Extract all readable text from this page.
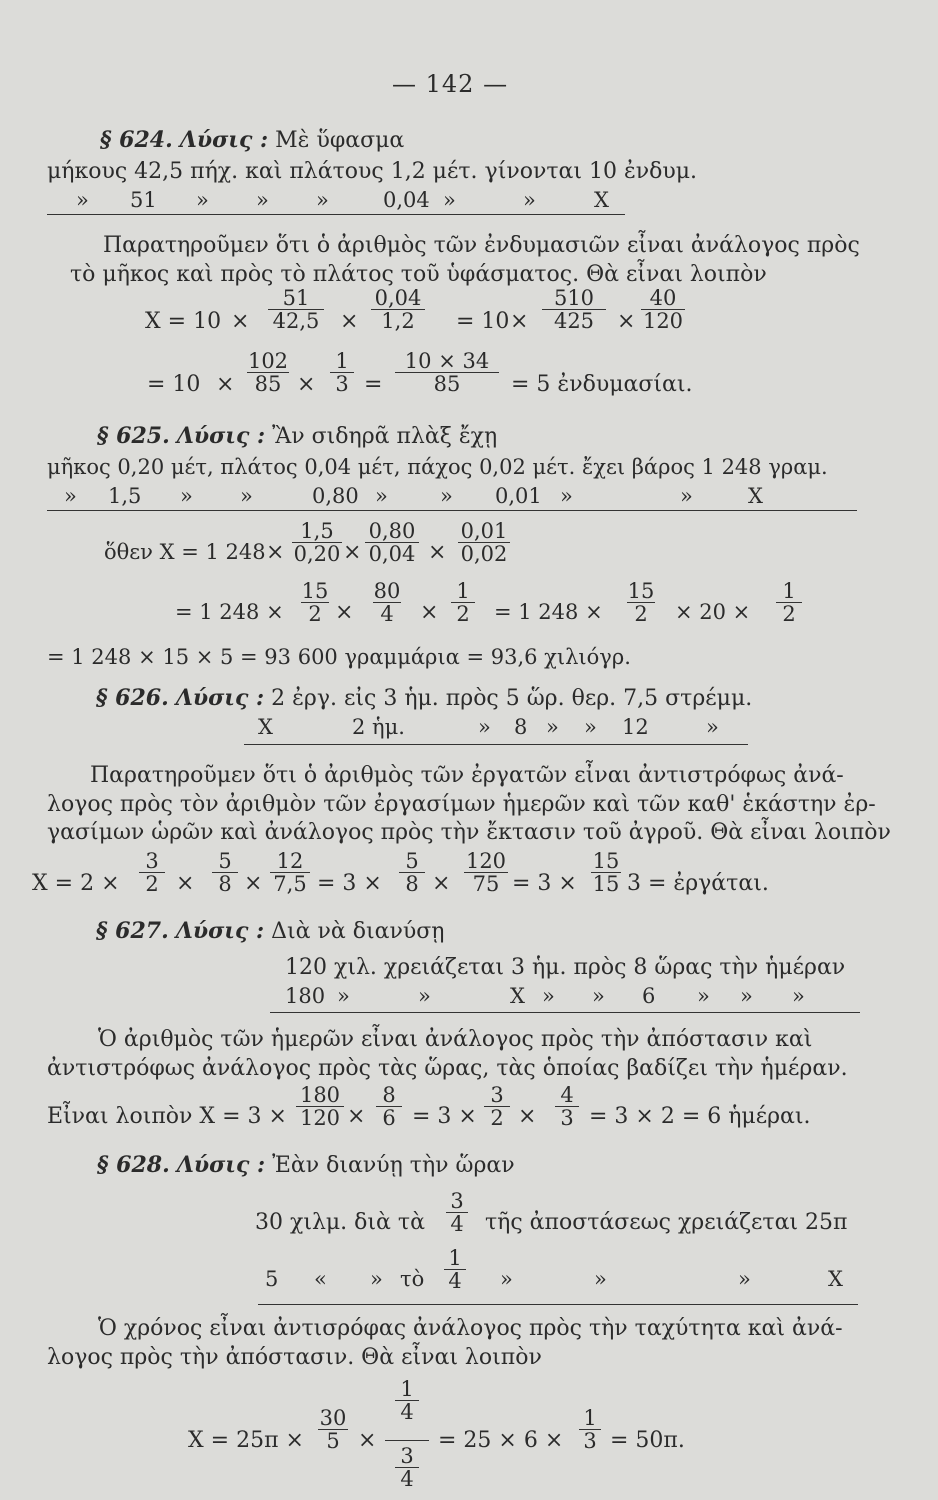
— 142 —
§ 624. Λύσις : Μὲ ὕφασμα
μήκους 42,5 πήχ. καὶ πλάτους 1,2 μέτ. γίνονται 10 ἐνδυμ.
» 51 » » »	0,04 »	»	X
Παρατηροῦμεν ὅτι ὁ ἀριθμὸς τῶν ἐνδυμασιῶν εἶναι ἀνάλογος πρὸς
τὸ μῆκος καὶ πρὸς τὸ πλάτος τοῦ ὑφάσματος. Θὰ εἶναι λοιπὸν
X = 10 ×
51
42,5 ×
0,04
1,2	= 10 ×
510
425	×
40
120
= 10 ×
102
85 ×
1
3 =
10 × 34
85	= 5 ἐνδυμασίαι.
§ 625. Λύσις : Ἂν σιδηρᾶ πλὰξ ἔχῃ
μῆκος 0,20 μέτ, πλάτος 0,04 μέτ, πάχος 0,02 μέτ. ἔχει βάρος 1 248 γραμ.
» 1,5 » »	0,80 » » 0,01 »	»	X
ὅθεν X = 1 248 ×
1,5
0,20 ×
0,80
0,04 ×
0,01
0,02
= 1 248 ×
15
2 ×
80
4	×
1
2	= 1 248 ×
15
2	× 20 ×
1
2
= 1 248 × 15 × 5 = 93 600 γραμμάρια = 93,6 χιλιόγρ.
§ 626. Λύσις : 2 ἐργ. εἰς 3 ἡμ. πρὸς 5 ὥρ. θερ. 7,5 στρέμμ.
X	2 ἡμ.	» 8 » » 12	»
Παρατηροῦμεν ὅτι ὁ ἀριθμὸς τῶν ἐργατῶν εἶναι ἀντιστρόφως ἀνά-
λογος πρὸς τὸν ἀριθμὸν τῶν ἐργασίμων ἡμερῶν καὶ τῶν καθ' ἑκάστην ἐρ-
γασίμων ὡρῶν καὶ ἀνάλογος πρὸς τὴν ἔκτασιν τοῦ ἀγροῦ. Θὰ εἶναι λοιπὸν
X = 2 ×
3
2 ×
5
8 ×
12
7,5 = 3 ×
5
8 ×
120
75 = 3 ×
15
15 3 = ἐργάται.
§ 627. Λύσις : Διὰ νὰ διανύσῃ
120 χιλ. χρειάζεται 3 ἡμ. πρὸς 8 ὥρας τὴν ἡμέραν
180 »	»	X » » 6 » » »
Ὁ ἀριθμὸς τῶν ἡμερῶν εἶναι ἀνάλογος πρὸς τὴν ἀπόστασιν καὶ
ἀντιστρόφως ἀνάλογος πρὸς τὰς ὥρας, τὰς ὁποίας βαδίζει τὴν ἡμέραν.
Εἶναι λοιπὸν X = 3 ×
180
120 ×
8
6 = 3 ×
3
2 ×
4
3 = 3 × 2 = 6 ἡμέραι.
§ 628. Λύσις : Ἐὰν διανύῃ τὴν ὥραν
30 χιλμ. διὰ τὰ
3
4 τῆς ἀποστάσεως χρειάζεται 25π
5 « » τὸ
1
4	»	»	»	X
Ὁ χρόνος εἶναι ἀντισρόφας ἀνάλογος πρὸς τὴν ταχύτητα καὶ ἀνά-
λογος πρὸς τὴν ἀπόστασιν. Θὰ εἶναι λοιπὸν
X = 25π ×
30
5 ×
1
4
3
4
= 25 × 6 ×
1
3 = 50π.
